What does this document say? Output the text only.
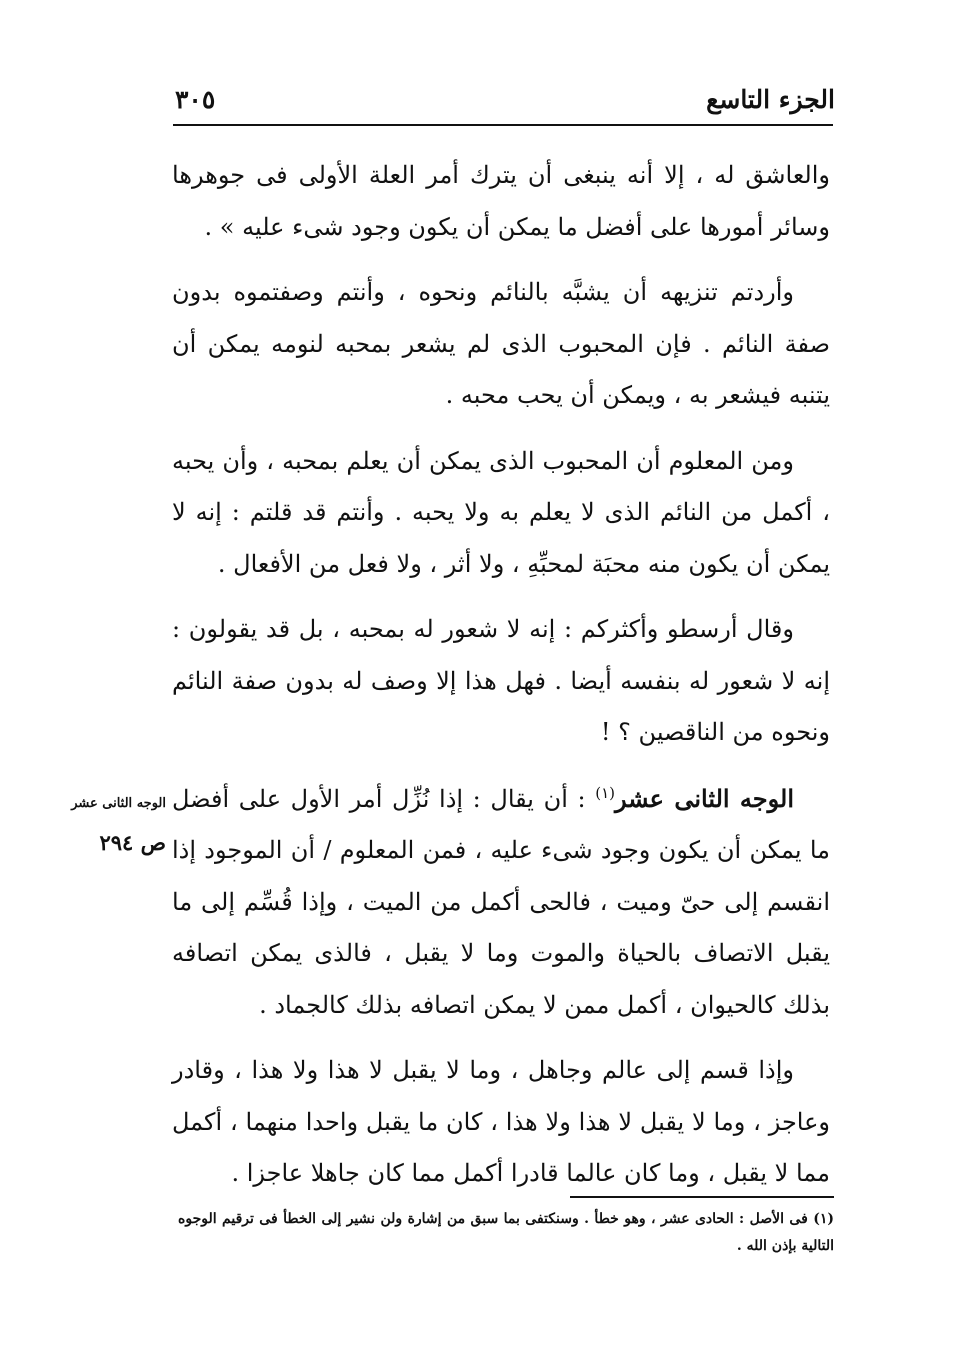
الجزء التاسع
٣٠٥

والعاشق له ، إلا أنه ينبغى أن يترك أمر العلة الأولى فى جوهرها وسائر أمورها على أفضل ما يمكن أن يكون وجود شىء عليه » .

وأردتم تنزيهه أن يشبَّه بالنائم ونحوه ، وأنتم وصفتموه بدون صفة النائم . فإن المحبوب الذى لم يشعر بمحبه لنومه يمكن أن يتنبه فيشعر به ، ويمكن أن يحب محبه .

ومن المعلوم أن المحبوب الذى يمكن أن يعلم بمحبه ، وأن يحبه ، أكمل من النائم الذى لا يعلم به ولا يحبه . وأنتم قد قلتم : إنه لا يمكن أن يكون منه محبَة لمحبِّهِ ، ولا أثر ، ولا فعل من الأفعال .

وقال أرسطو وأكثركم : إنه لا شعور له بمحبه ، بل قد يقولون : إنه لا شعور له بنفسه أيضا . فهل هذا إلا وصف له بدون صفة النائم ونحوه من الناقصين ؟ !

الوجه الثانى عشر$^{(١)}$ : أن يقال : إذا نُزِّل أمر الأول على أفضل ما يمكن أن يكون وجود شىء عليه ، فمن المعلوم / أن الموجود إذا انقسم إلى حىّ وميت ، فالحى أكمل من الميت ، وإذا قُسِّم إلى ما يقبل الاتصاف بالحياة والموت وما لا يقبل ، فالذى يمكن اتصافه بذلك كالحيوان ، أكمل ممن لا يمكن اتصافه بذلك كالجماد .

وإذا قسم إلى عالم وجاهل ، وما لا يقبل لا هذا ولا هذا ، وقادر وعاجز ، وما لا يقبل لا هذا ولا هذا ، كان ما يقبل واحدا منهما ، أكمل مما لا يقبل ، وما كان عالما قادرا أكمل مما كان جاهلا عاجزا .

الوجه الثانى عشر
ص ٢٩٤
(١) فى الأصل : الحادى عشر ، وهو خطأ . وسنكتفى بما سبق من إشارة ولن نشير إلى الخطأ فى ترقيم الوجوه التالية بإذن الله .
